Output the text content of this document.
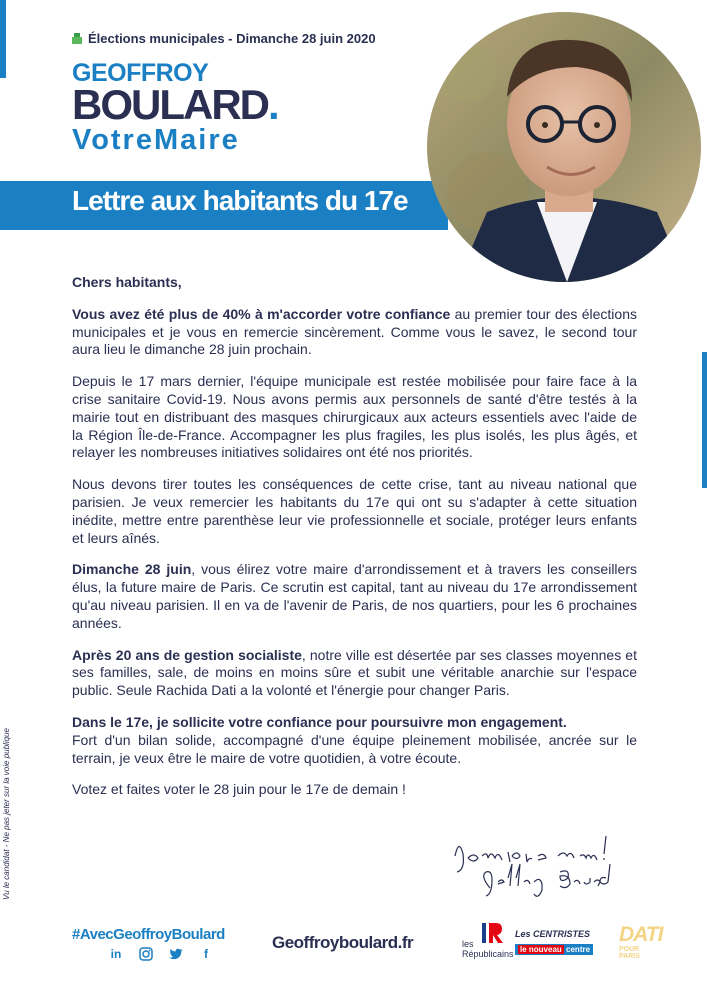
Élections municipales - Dimanche 28 juin 2020
GEOFFROY
BOULARD.
VotreMaire
Lettre aux habitants du 17e

Chers habitants,

Vous avez été plus de 40% à m'accorder votre confiance au premier tour des élections municipales et je vous en remercie sincèrement. Comme vous le savez, le second tour aura lieu le dimanche 28 juin prochain.

Depuis le 17 mars dernier, l'équipe municipale est restée mobilisée pour faire face à la crise sanitaire Covid-19. Nous avons permis aux personnels de santé d'être testés à la mairie tout en distribuant des masques chirurgicaux aux acteurs essentiels avec l'aide de la Région Île-de-France. Accompagner les plus fragiles, les plus isolés, les plus âgés, et relayer les nombreuses initiatives solidaires ont été nos priorités.

Nous devons tirer toutes les conséquences de cette crise, tant au niveau national que parisien. Je veux remercier les habitants du 17e qui ont su s'adapter à cette situation inédite, mettre entre parenthèse leur vie professionnelle et sociale, protéger leurs enfants et leurs aînés.

Dimanche 28 juin, vous élirez votre maire d'arrondissement et à travers les conseillers élus, la future maire de Paris. Ce scrutin est capital, tant au niveau du 17e arrondissement qu'au niveau parisien. Il en va de l'avenir de Paris, de nos quartiers, pour les 6 prochaines années.

Après 20 ans de gestion socialiste, notre ville est désertée par ses classes moyennes et ses familles, sale, de moins en moins sûre et subit une véritable anarchie sur l'espace public. Seule Rachida Dati a la volonté et l'énergie pour changer Paris.

Dans le 17e, je sollicite votre confiance pour poursuivre mon engagement.
Fort d'un bilan solide, accompagné d'une équipe pleinement mobilisée, ancrée sur le terrain, je veux être le maire de votre quotidien, à votre écoute.

Votez et faites voter le 28 juin pour le 17e de demain !

Vu le candidat - Ne pas jeter sur la voie publique
#AvecGeoffroyBoulard
in	f
Geoffroyboulard.fr	les Républicains
Les CENTRISTES
le nouveau centre
DATI
POUR PARIS
